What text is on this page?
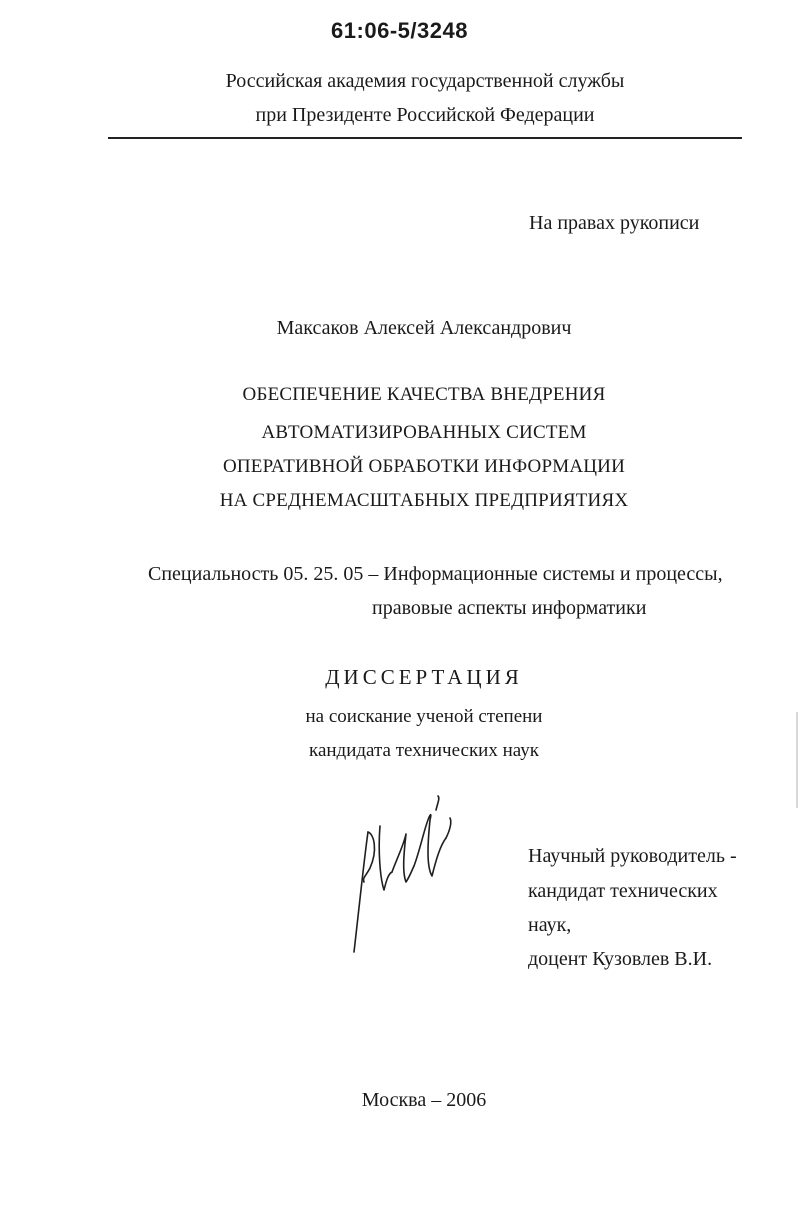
61:06-5/3248

Российская академия государственной службы

при Президенте Российской Федерации

На правах рукописи

Максаков Алексей Александрович

ОБЕСПЕЧЕНИЕ КАЧЕСТВА ВНЕДРЕНИЯ

АВТОМАТИЗИРОВАННЫХ СИСТЕМ

ОПЕРАТИВНОЙ ОБРАБОТКИ ИНФОРМАЦИИ

НА СРЕДНЕМАСШТАБНЫХ ПРЕДПРИЯТИЯХ

Специальность 05. 25. 05 – Информационные системы и процессы,

правовые аспекты информатики

ДИССЕРТАЦИЯ

на соискание ученой степени

кандидата технических наук

Научный руководитель -

кандидат технических

наук,

доцент Кузовлев В.И.

Москва – 2006
